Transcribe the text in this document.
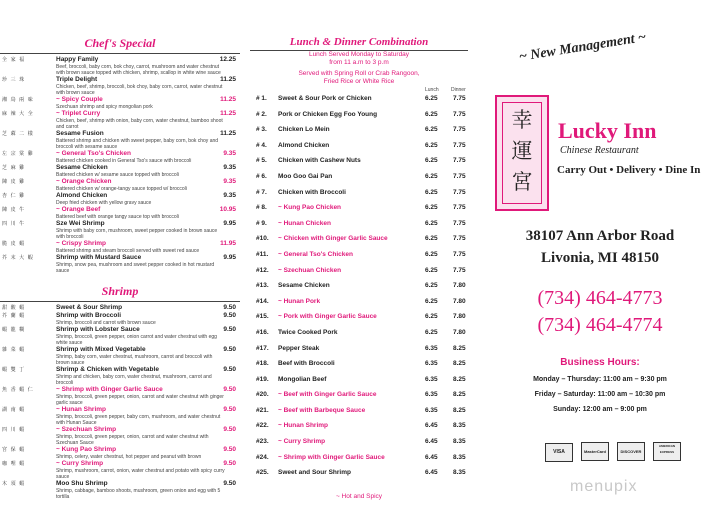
Chef's Special
全 家 福	Happy Family	12.25
Beef, broccoli, baby corn, bok choy, carrot, mushroom and water chestnut with brown sauce topped with chicken, shrimp, scallop in white wine sauce
珍 三 珠	Triple Delight	11.25
Chicken, beef, shrimp, broccoli, bok choy, baby corn, carrot, water chestnut with brown sauce
湘 鳥 兩 味	~ Spicy Couple	11.25
Szechuan shrimp and spicy mongolian pork
麻 辣 大 全	~ Triplet Curry	11.25
Chicken, beef, shrimp with onion, baby corn, water chestnut, bamboo shoot and carrot
芝 蔴 二 樣	Sesame Fusion	11.25
Battered shrimp and chicken with sweet pepper, baby corn, bok choy and broccoli with sesame sauce
左 宗 棠 雞	~ General Tso's Chicken	9.35
Battered chicken cooked in General Tso's sauce with broccoli
芝 麻 雞	Sesame Chicken	9.35
Battered chicken w/ sesame sauce topped with broccoli
陳 皮 雞	~ Orange Chicken	9.35
Battered chicken w/ orange-tangy sauce topped w/ broccoli
杏 仁 雞	Almond Chicken	9.35
Deep fried chicken with yellow gravy sauce
陳 皮 牛	~ Orange Beef	10.95
Battered beef with orange tangy sauce top with broccoli
四 川 牛	Sze Wei Shrimp	9.95
Shrimp with baby corn, mushroom, sweet pepper cooked in brown sauce with broccoli
脆 皮 蝦	~ Crispy Shrimp	11.95
Battered shrimp and steam broccoli served with sweet red sauce
芥 末 大 蝦	Shrimp with Mustard Sauce	9.95
Shrimp, snow pea, mushroom and sweet pepper cooked in hot mustard sauce
Shrimp
甜 酸 蝦	Sweet & Sour Shrimp	9.50
芥 蘭 蝦	Shrimp with Broccoli	9.50
Shrimp, broccoli and carrot with brown sauce
蝦 龍 糊	Shrimp with Lobster Sauce	9.50
Shrimp, broccoli, green pepper, onion carrot and water chestnut with egg white sauce
雜 菜 蝦	Shrimp with Mixed Vegetable	9.50
Shrimp, baby corn, water chestnut, mushroom, carrot and broccoli with brown sauce
蝦 雙 丁	Shrimp & Chicken with Vegetable	9.50
Shrimp and chicken, baby corn, water chestnut, mushroom, carrot and broccoli
魚 香 蝦 仁	~ Shrimp with Ginger Garlic Sauce	9.50
Shrimp, broccoli, green pepper, onion, carrot and water chestnut with ginger garlic sauce
湖 南 蝦	~ Hunan Shrimp	9.50
Shrimp, broccoli, green pepper, baby corn, mushroom, and water chestnut with Hunan Sauce
四 川 蝦	~ Szechuan Shrimp	9.50
Shrimp, broccoli, green pepper, onion, carrot and water chestnut with Szechuan Sauce
宮 保 蝦	~ Kung Pao Shrimp	9.50
Shrimp, celery, water chestnut, hot pepper and peanut with brown
咖 哩 蝦	~ Curry Shrimp	9.50
Shrimp, mushroom, carrot, onion, water chestnut and potato with spicy curry sauce
木 須 蝦	Moo Shu Shrimp	9.50
Shrimp, cabbage, bamboo shoots, mushroom, green onion and egg with 5 tortilla
Lunch & Dinner Combination
Lunch Served Monday to Saturday
from 11 a.m to 3 p.m
Served with Spring Roll or Crab Rangoon,
Fried Rice or White Rice
Lunch Dinner
# 1. Sweet & Sour Pork or Chicken	6.25 7.75
# 2. Pork or Chicken Egg Foo Young	6.25 7.75
# 3. Chicken Lo Mein	6.25 7.75
# 4. Almond Chicken	6.25 7.75
# 5. Chicken with Cashew Nuts	6.25 7.75
# 6. Moo Goo Gai Pan	6.25 7.75
# 7. Chicken with Broccoli	6.25 7.75
# 8. ~ Kung Pao Chicken	6.25 7.75
# 9. ~ Hunan Chicken	6.25 7.75
#10. ~ Chicken with Ginger Garlic Sauce	6.25 7.75
#11. ~ General Tso's Chicken	6.25 7.75
#12. ~ Szechuan Chicken	6.25 7.75
#13. Sesame Chicken	6.25 7.80
#14. ~ Hunan Pork	6.25 7.80
#15. ~ Pork with Ginger Garlic Sauce	6.25 7.80
#16. Twice Cooked Pork	6.25 7.80
#17. Pepper Steak	6.35 8.25
#18. Beef with Broccoli	6.35 8.25
#19. Mongolian Beef	6.35 8.25
#20. ~ Beef with Ginger Garlic Sauce	6.35 8.25
#21. ~ Beef with Barbeque Sauce	6.35 8.25
#22. ~ Hunan Shrimp	6.45 8.35
#23. ~ Curry Shrimp	6.45 8.35
#24. ~ Shrimp with Ginger Garlic Sauce	6.45 8.35
#25. Sweet and Sour Shrimp	6.45 8.35
~ Hot and Spicy
~ New Management ~
幸
運
宮
Lucky Inn
Chinese Restaurant
Carry Out • Delivery • Dine In
38107 Ann Arbor Road
Livonia, MI 48150
(734) 464-4773
(734) 464-4774
Business Hours:
Monday – Thursday: 11:00 am – 9:30 pm
Friday – Saturday: 11:00 am – 10:30 pm
Sunday: 12:00 am – 9:00 pm
VISA	MasterCard	DISCOVERAMERICAN EXPRESS
menupix
